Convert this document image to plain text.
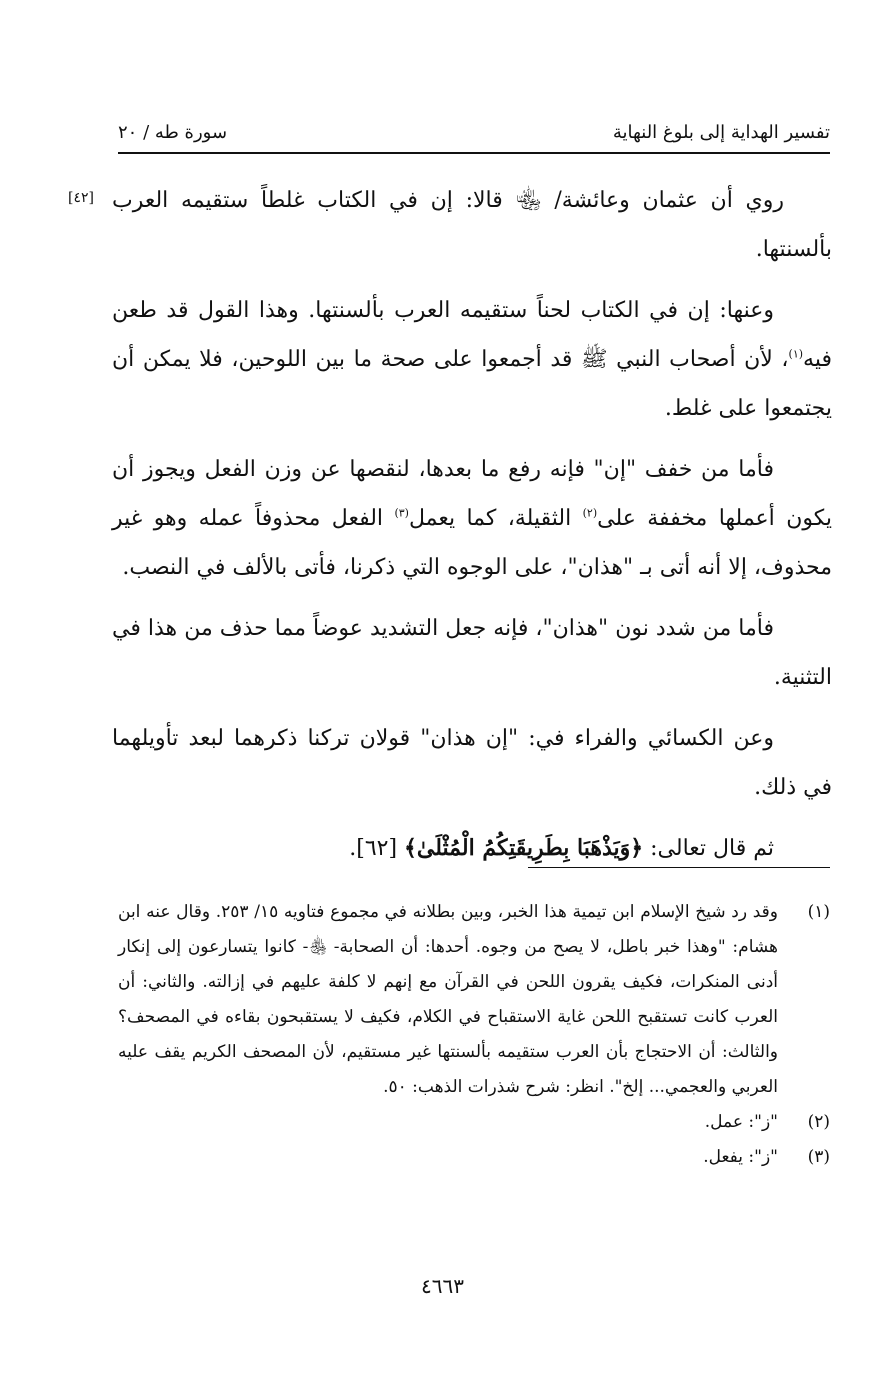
تفسير الهداية إلى بلوغ النهاية
سورة طه / ٢٠
[٤٢] روي أن عثمان وعائشة/ ﵄ قالا: إن في الكتاب غلطاً ستقيمه العرب بألسنتها.

وعنها: إن في الكتاب لحناً ستقيمه العرب بألسنتها. وهذا القول قد طعن فيه$^{(١)}$، لأن أصحاب النبي ﷺ قد أجمعوا على صحة ما بين اللوحين، فلا يمكن أن يجتمعوا على غلط.

فأما من خفف "إن" فإنه رفع ما بعدها، لنقصها عن وزن الفعل ويجوز أن يكون أعملها مخففة على$^{(٢)}$ الثقيلة، كما يعمل$^{(٣)}$ الفعل محذوفاً عمله وهو غير محذوف، إلا أنه أتى بـ "هذان"، على الوجوه التي ذكرنا، فأتى بالألف في النصب.

فأما من شدد نون "هذان"، فإنه جعل التشديد عوضاً مما حذف من هذا في التثنية.

وعن الكسائي والفراء في: "إن هذان" قولان تركنا ذكرهما لبعد تأويلهما في ذلك.

ثم قال تعالى: ﴿وَيَذْهَبَا بِطَرِيقَتِكُمُ الْمُثْلَىٰ﴾ [٦٢].

(١)
وقد رد شيخ الإسلام ابن تيمية هذا الخبر، وبين بطلانه في مجموع فتاويه ١٥/ ٢٥٣. وقال عنه ابن هشام: "وهذا خبر باطل، لا يصح من وجوه. أحدها: أن الصحابة- ﵃- كانوا يتسارعون إلى إنكار أدنى المنكرات، فكيف يقرون اللحن في القرآن مع إنهم لا كلفة عليهم في إزالته. والثاني: أن العرب كانت تستقبح اللحن غاية الاستقباح في الكلام، فكيف لا يستقبحون بقاءه في المصحف؟ والثالث: أن الاحتجاج بأن العرب ستقيمه بألسنتها غير مستقيم، لأن المصحف الكريم يقف عليه العربي والعجمي... إلخ". انظر: شرح شذرات الذهب: ٥٠.

(٢)
"ز": عمل.

(٣)
"ز": يفعل.

٤٦٦٣
